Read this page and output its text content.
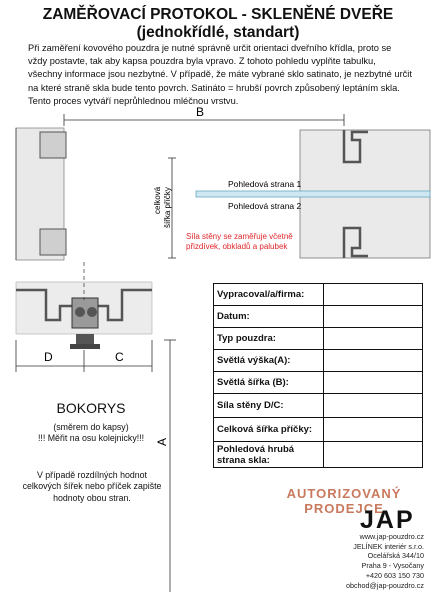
ZAMĚŘOVACÍ PROTOKOL - SKLENĚNÉ DVEŘE
(jednokřídlé, standart)
Při zaměření kovového pouzdra je nutné správně určit orientaci dveřního křídla, proto se vždy postavte, tak aby kapsa pouzdra byla vpravo. Z tohoto pohledu vyplňte tabulku, všechny informace jsou nezbytné. V případě, že máte vybrané sklo satinato, je nezbytné určit na které straně skla bude tento povrch. Satináto = hrubší povrch způsobený leptáním skla. Tento proces vytváří neprůhlednou mléčnou vrstvu.
B
celková šířka příčky
Pohledová strana 1
Pohledová strana 2
Síla stěny se zaměřuje včetně
přizdívek, obkladů a palubek
D	C
A
Vypracoval/a/firma:	
Datum:	
Typ pouzdra:	
Světlá výška(A):	
Světlá šířka (B):	
Síla stěny D/C:	
Celková šířka příčky:	
Pohledová hrubá strana skla:	
BOKORYS
(směrem do kapsy)
!!! Měřit na osu kolejnicky!!!
V případě rozdílných hodnot celkových šířek nebo příček zapište hodnoty obou stran.	AUTORIZOVANÝ
PRODEJCE
JAP
www.jap-pouzdro.cz
JELÍNEK interiér s.r.o.
Ocelářská 344/10
Praha 9 - Vysočany
+420 603 150 730
obchod@jap-pouzdro.cz
